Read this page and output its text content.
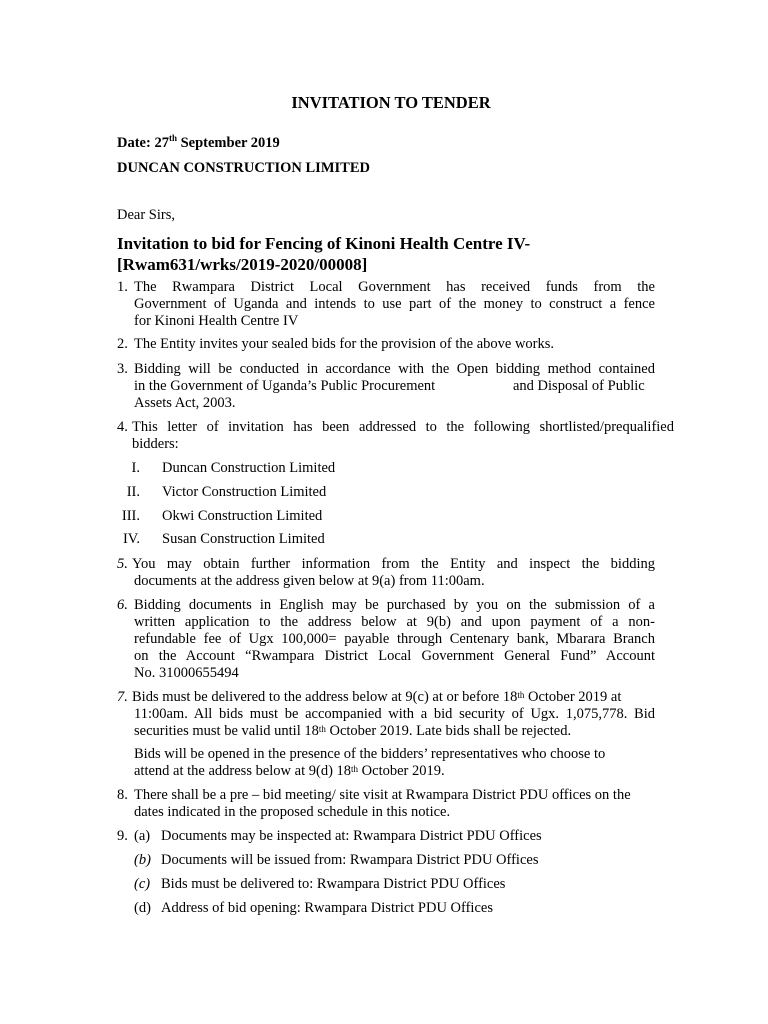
INVITATION TO TENDER
Date: 27th September 2019
DUNCAN CONSTRUCTION LIMITED
Dear Sirs,
Invitation to bid for Fencing of Kinoni Health Centre IV-
[Rwam631/wrks/2019-2020/00008]
1. The Rwampara District Local Government has received funds from the
Government of Uganda and intends to use part of the money to construct a fence
for Kinoni Health Centre IV
2. The Entity invites your sealed bids for the provision of the above works.
3. Bidding will be conducted in accordance with the Open bidding method contained
in the Government of Uganda’s Public Procurement	and Disposal of Public
Assets Act, 2003.
4. This letter of invitation has been addressed to the following shortlisted/prequalified
bidders:
I. Duncan Construction Limited
II. Victor Construction Limited
III. Okwi Construction Limited
IV. Susan Construction Limited
5. You may obtain further information from the Entity and inspect the bidding
documents at the address given below at 9(a) from 11:00am.
6. Bidding documents in English may be purchased by you on the submission of a
written application to the address below at 9(b) and upon payment of a non-
refundable fee of Ugx 100,000= payable through Centenary bank, Mbarara Branch
on the Account “Rwampara District Local Government General Fund” Account
No. 31000655494
7. Bids must be delivered to the address below at 9(c) at or before 18th October 2019 at
11:00am. All bids must be accompanied with a bid security of Ugx. 1,075,778. Bid
securities must be valid until 18th October 2019. Late bids shall be rejected.
Bids will be opened in the presence of the bidders’ representatives who choose to
attend at the address below at 9(d) 18th October 2019.
8. There shall be a pre – bid meeting/ site visit at Rwampara District PDU offices on the
dates indicated in the proposed schedule in this notice.
9. (a) Documents may be inspected at: Rwampara District PDU Offices
(b) Documents will be issued from: Rwampara District PDU Offices
(c) Bids must be delivered to: Rwampara District PDU Offices
(d) Address of bid opening: Rwampara District PDU Offices
